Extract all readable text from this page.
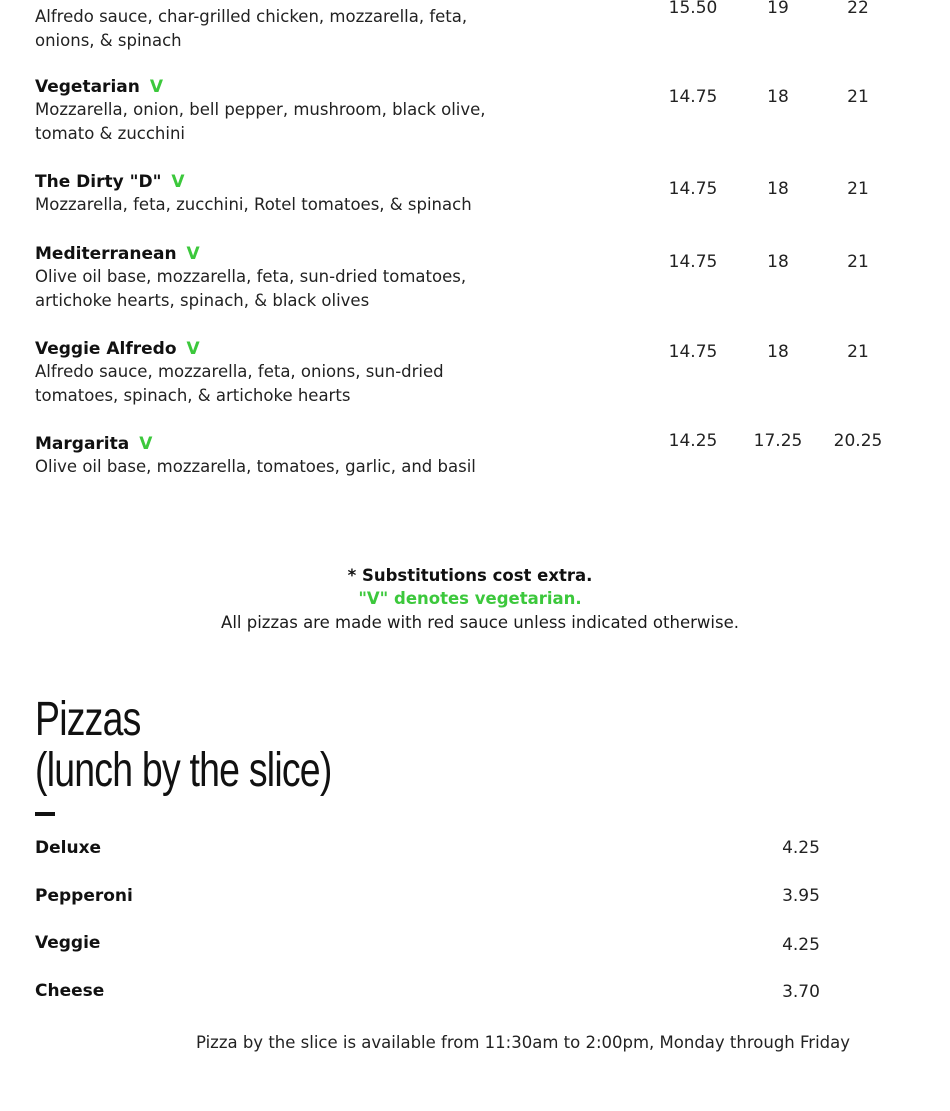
Alfredo sauce, char-grilled chicken, mozzarella, feta, onions, & spinach
15.50	19	22
Vegetarian V
Mozzarella, onion, bell pepper, mushroom, black olive, tomato & zucchini
14.75	18	21
The Dirty "D" V
Mozzarella, feta, zucchini, Rotel tomatoes, & spinach
14.75	18	21
Mediterranean V
Olive oil base, mozzarella, feta, sun-dried tomatoes, artichoke hearts, spinach, & black olives
14.75	18	21
Veggie Alfredo V
Alfredo sauce, mozzarella, feta, onions, sun-dried tomatoes, spinach, & artichoke hearts
14.75	18	21
Margarita V
Olive oil base, mozzarella, tomatoes, garlic, and basil
14.25	17.25	20.25
* Substitutions cost extra.
"V" denotes vegetarian.
All pizzas are made with red sauce unless indicated otherwise.
Pizzas
(lunch by the slice)
Deluxe	4.25
Pepperoni	3.95
Veggie	4.25
Cheese	3.70
Pizza by the slice is available from 11:30am to 2:00pm, Monday through Friday
